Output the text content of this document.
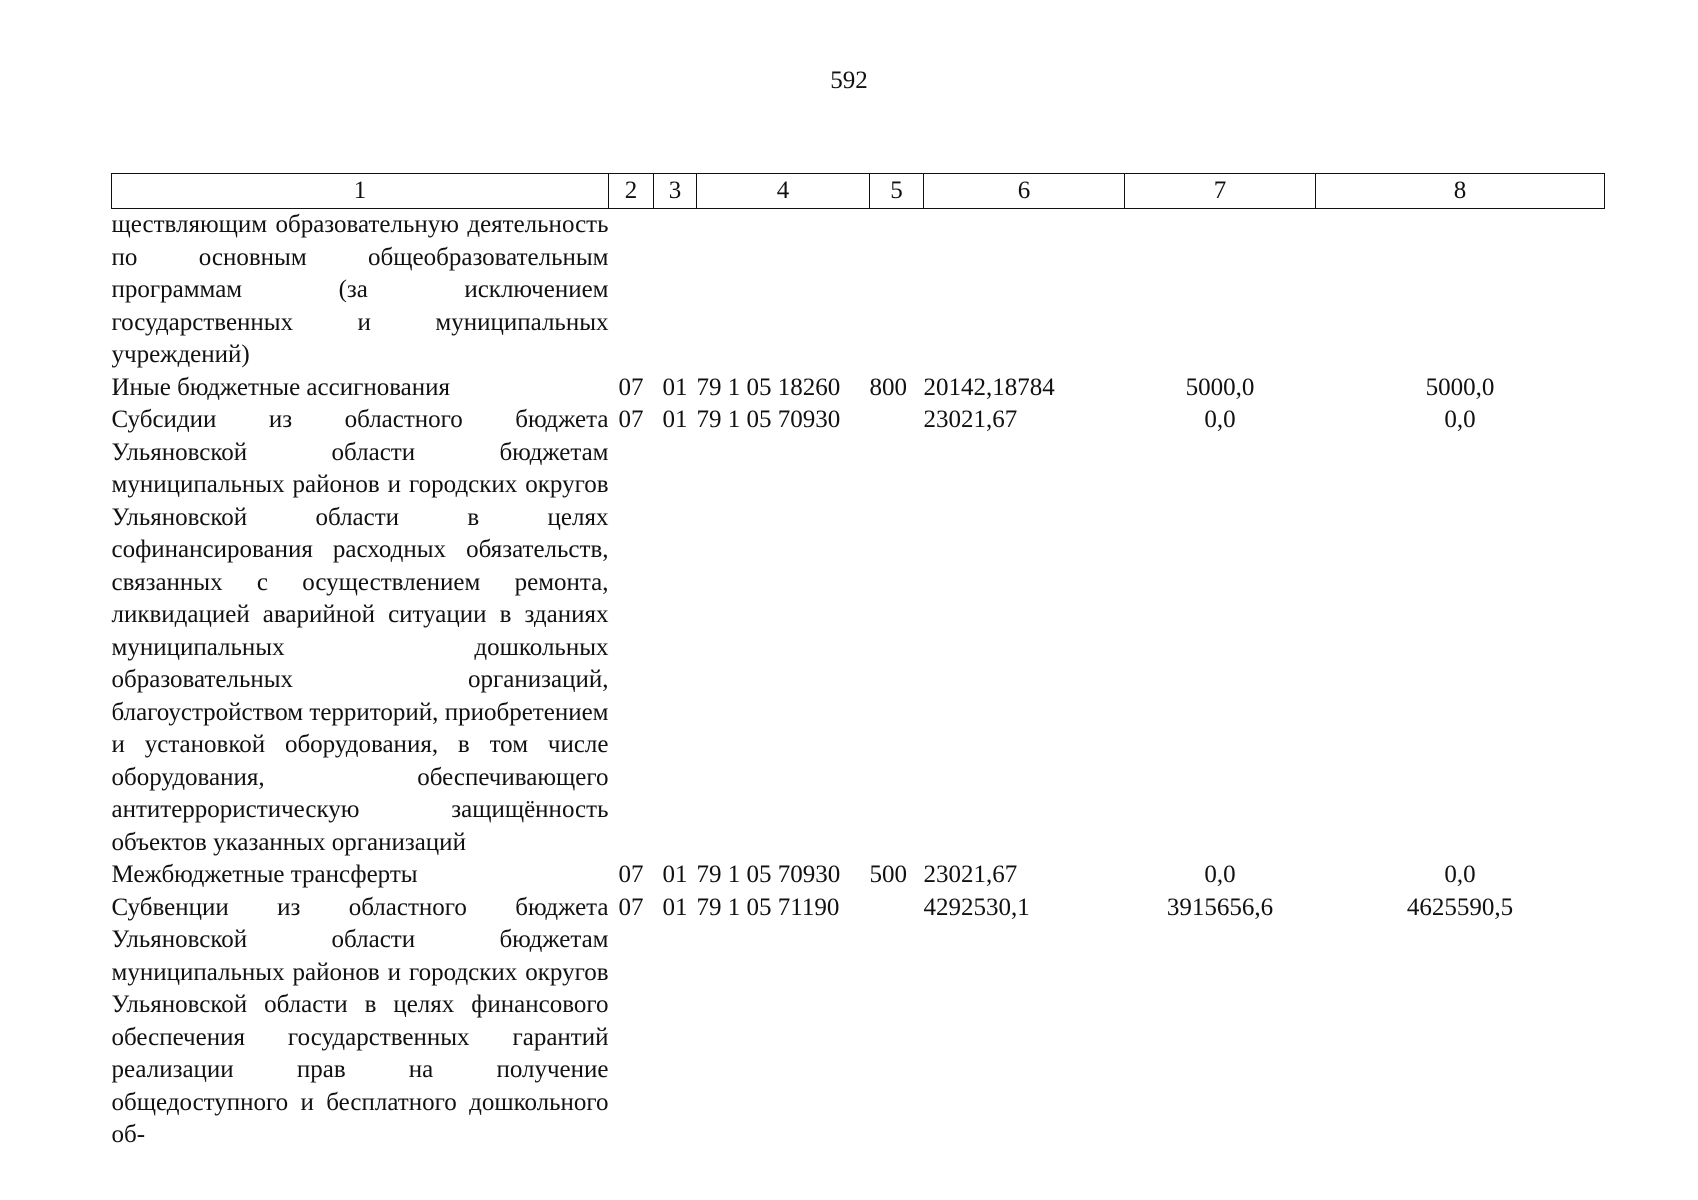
592
1	2	3	4	5	6	7	8
ществляющим образовательную деятельность по основным общеобразовательным программам (за исключением государственных и муниципальных учреждений)							
Иные бюджетные ассигнования	07	01	79 1 05 18260	800	20142,18784	5000,0	5000,0
Субсидии из областного бюджета Ульяновской области бюджетам муниципальных районов и городских округов Ульяновской области в целях софинансирования расходных обязательств, связанных с осуществлением ремонта, ликвидацией аварийной ситуации в зданиях муниципальных дошкольных образовательных организаций, благоустройством территорий, приобретением и установкой оборудования, в том числе оборудования, обеспечивающего антитеррористическую защищённость объектов указанных организаций	07	01	79 1 05 70930		23021,67	0,0	0,0
Межбюджетные трансферты	07	01	79 1 05 70930	500	23021,67	0,0	0,0
Субвенции из областного бюджета Ульяновской области бюджетам муниципальных районов и городских округов Ульяновской области в целях финансового обеспечения государственных гарантий реализации прав на получение общедоступного и бесплатного дошкольного об-	07	01	79 1 05 71190		4292530,1	3915656,6	4625590,5
